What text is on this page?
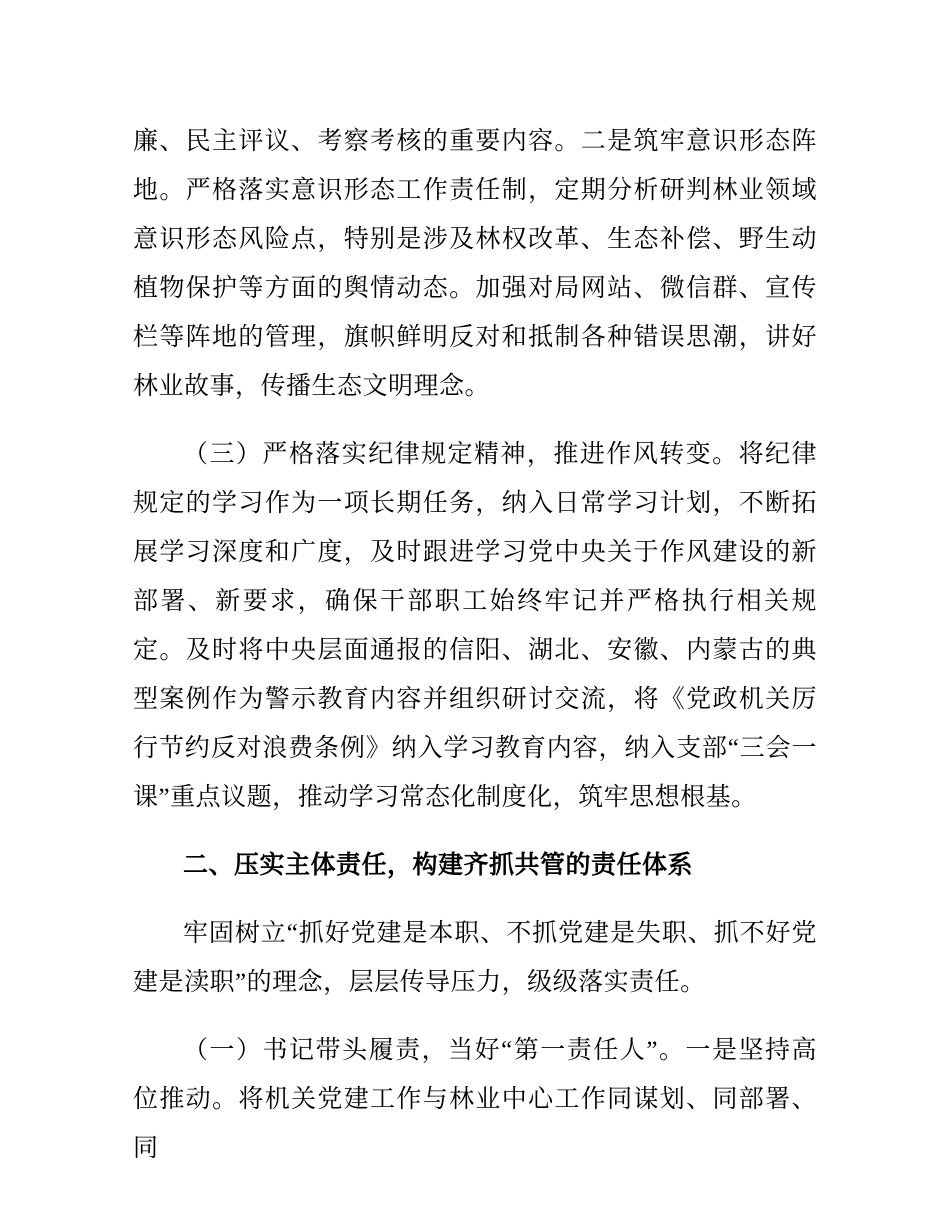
廉、民主评议、考察考核的重要内容。二是筑牢意识形态阵地。严格落实意识形态工作责任制，定期分析研判林业领域意识形态风险点，特别是涉及林权改革、生态补偿、野生动植物保护等方面的舆情动态。加强对局网站、微信群、宣传栏等阵地的管理，旗帜鲜明反对和抵制各种错误思潮，讲好林业故事，传播生态文明理念。

（三）严格落实纪律规定精神，推进作风转变。将纪律规定的学习作为一项长期任务，纳入日常学习计划，不断拓展学习深度和广度，及时跟进学习党中央关于作风建设的新部署、新要求，确保干部职工始终牢记并严格执行相关规定。及时将中央层面通报的信阳、湖北、安徽、内蒙古的典型案例作为警示教育内容并组织研讨交流，将《党政机关厉行节约反对浪费条例》纳入学习教育内容，纳入支部“三会一课”重点议题，推动学习常态化制度化，筑牢思想根基。

二、压实主体责任，构建齐抓共管的责任体系

牢固树立“抓好党建是本职、不抓党建是失职、抓不好党建是渎职”的理念，层层传导压力，级级落实责任。

（一）书记带头履责，当好“第一责任人”。一是坚持高位推动。将机关党建工作与林业中心工作同谋划、同部署、同
